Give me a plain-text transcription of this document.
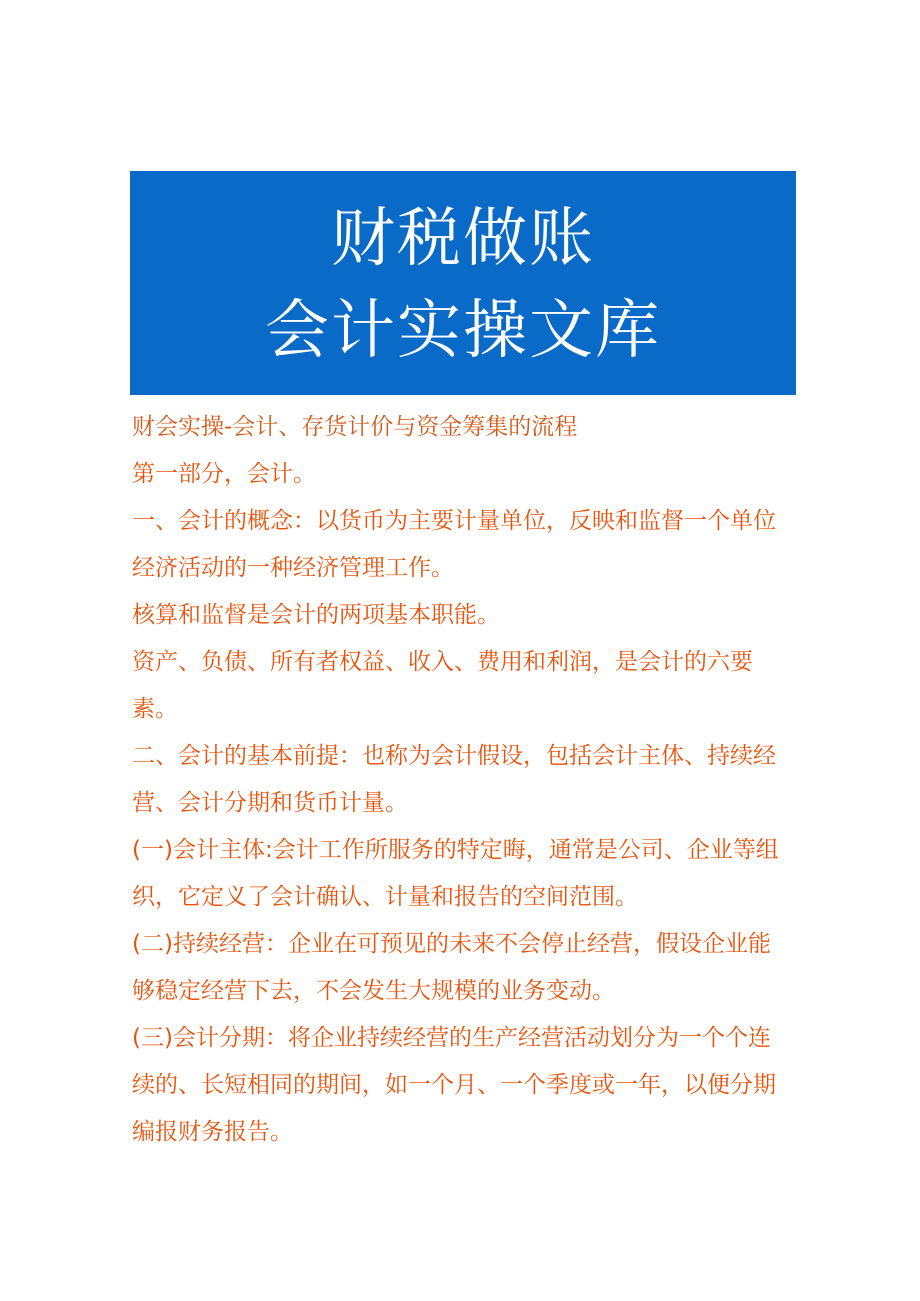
财税做账
会计实操文库

财会实操-会计、存货计价与资金筹集的流程

第一部分，会计。

一、会计的概念：以货币为主要计量单位，反映和监督一个单位经济活动的一种经济管理工作。

核算和监督是会计的两项基本职能。

资产、负债、所有者权益、收入、费用和利润，是会计的六要素。

二、会计的基本前提：也称为会计假设，包括会计主体、持续经营、会计分期和货币计量。

(一)会计主体:会计工作所服务的特定晦，通常是公司、企业等组织，它定义了会计确认、计量和报告的空间范围。

(二)持续经营：企业在可预见的未来不会停止经营，假设企业能够稳定经营下去，不会发生大规模的业务变动。

(三)会计分期：将企业持续经营的生产经营活动划分为一个个连续的、长短相同的期间，如一个月、一个季度或一年，以便分期编报财务报告。
